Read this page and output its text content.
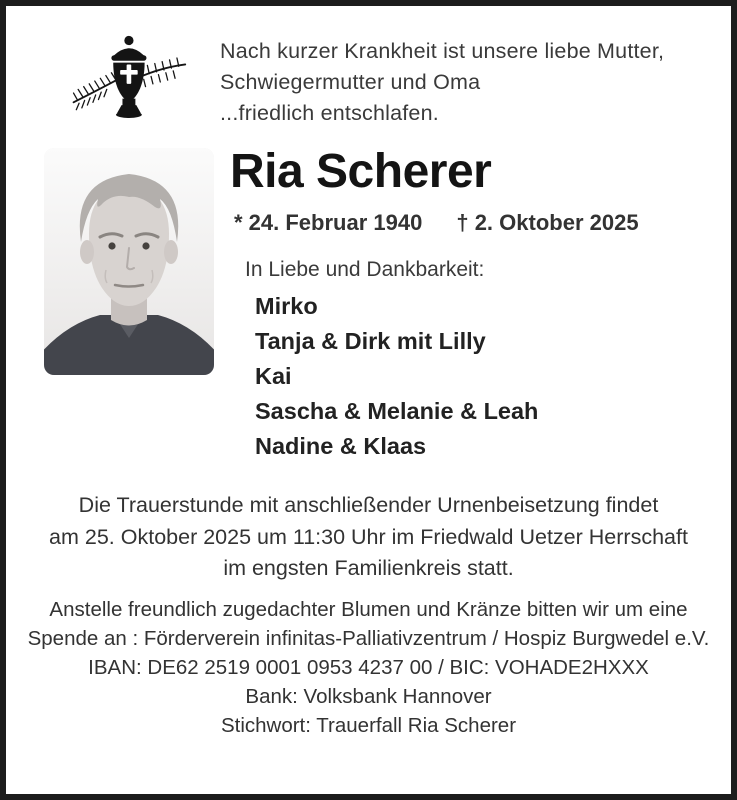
Nach kurzer Krankheit ist unsere liebe Mutter,
Schwiegermutter und Oma
...friedlich entschlafen.
Ria Scherer
* 24. Februar 1940 † 2. Oktober 2025
In Liebe und Dankbarkeit:
Mirko
Tanja & Dirk mit Lilly
Kai
Sascha & Melanie & Leah
Nadine & Klaas
Die Trauerstunde mit anschließender Urnenbeisetzung findet
am 25. Oktober 2025 um 11:30 Uhr im Friedwald Uetzer Herrschaft
im engsten Familienkreis statt.
Anstelle freundlich zugedachter Blumen und Kränze bitten wir um eine
Spende an : Förderverein infinitas-Palliativzentrum / Hospiz Burgwedel e.V.
IBAN: DE62 2519 0001 0953 4237 00 / BIC: VOHADE2HXXX
Bank: Volksbank Hannover
Stichwort: Trauerfall Ria Scherer
